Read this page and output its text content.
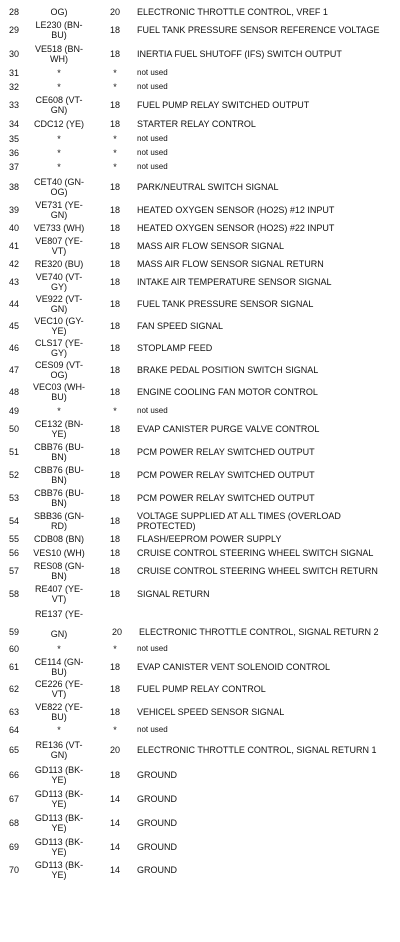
28	OG)	20	ELECTRONIC THROTTLE CONTROL, VREF 1
29	LE230 (BN-
BU)	18	FUEL TANK PRESSURE SENSOR REFERENCE VOLTAGE
30	VE518 (BN-
WH)	18	INERTIA FUEL SHUTOFF (IFS) SWITCH OUTPUT
31	*	*	not used
32	*	*	not used
33	CE608 (VT-
GN)	18	FUEL PUMP RELAY SWITCHED OUTPUT
34	CDC12 (YE)	18	STARTER RELAY CONTROL
35	*	*	not used
36	*	*	not used
37	*	*	not used
38	CET40 (GN-
OG)	18	PARK/NEUTRAL SWITCH SIGNAL
39	VE731 (YE-
GN)	18	HEATED OXYGEN SENSOR (HO2S) #12 INPUT
40	VE733 (WH)	18	HEATED OXYGEN SENSOR (HO2S) #22 INPUT
41	VE807 (YE-
VT)	18	MASS AIR FLOW SENSOR SIGNAL
42	RE320 (BU)	18	MASS AIR FLOW SENSOR SIGNAL RETURN
43	VE740 (VT-
GY)	18	INTAKE AIR TEMPERATURE SENSOR SIGNAL
44	VE922 (VT-
GN)	18	FUEL TANK PRESSURE SENSOR SIGNAL
45	VEC10 (GY-
YE)	18	FAN SPEED SIGNAL
46	CLS17 (YE-
GY)	18	STOPLAMP FEED
47	CES09 (VT-
OG)	18	BRAKE PEDAL POSITION SWITCH SIGNAL
48	VEC03 (WH-
BU)	18	ENGINE COOLING FAN MOTOR CONTROL
49	*	*	not used
50	CE132 (BN-
YE)	18	EVAP CANISTER PURGE VALVE CONTROL
51	CBB76 (BU-
BN)	18	PCM POWER RELAY SWITCHED OUTPUT
52	CBB76 (BU-
BN)	18	PCM POWER RELAY SWITCHED OUTPUT
53	CBB76 (BU-
BN)	18	PCM POWER RELAY SWITCHED OUTPUT
54	SBB36 (GN-
RD)	18	VOLTAGE SUPPLIED AT ALL TIMES (OVERLOAD
PROTECTED)
55	CDB08 (BN)	18	FLASH/EEPROM POWER SUPPLY
56	VES10 (WH)	18	CRUISE CONTROL STEERING WHEEL SWITCH SIGNAL
57	RES08 (GN-
BN)	18	CRUISE CONTROL STEERING WHEEL SWITCH RETURN
58	RE407 (YE-
VT)	18	SIGNAL RETURN
59
RE137 (YE-

GN)	20	ELECTRONIC THROTTLE CONTROL, SIGNAL RETURN 2
60	*	*	not used
61	CE114 (GN-
BU)	18	EVAP CANISTER VENT SOLENOID CONTROL
62	CE226 (YE-
VT)	18	FUEL PUMP RELAY CONTROL
63	VE822 (YE-
BU)	18	VEHICEL SPEED SENSOR SIGNAL
64	*	*	not used
65	RE136 (VT-
GN)	20	ELECTRONIC THROTTLE CONTROL, SIGNAL RETURN 1
66	GD113 (BK-
YE)	18	GROUND
67	GD113 (BK-
YE)	14	GROUND
68	GD113 (BK-
YE)	14	GROUND
69	GD113 (BK-
YE)	14	GROUND
70	GD113 (BK-
YE)	14	GROUND
